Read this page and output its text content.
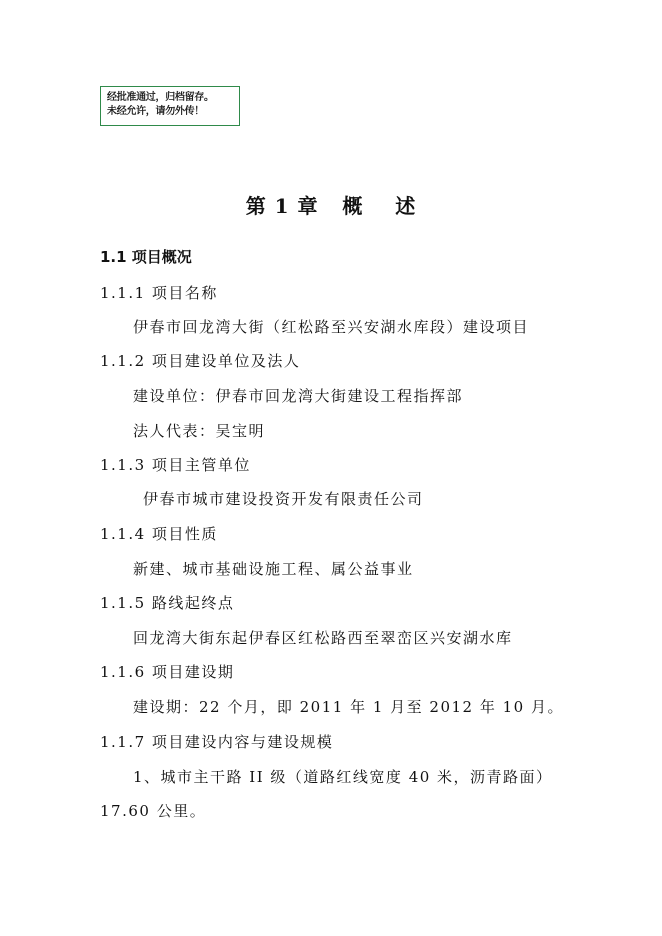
经批准通过，归档留存。
未经允许，请勿外传！
第 1 章   概    述
1.1 项目概况
1.1.1 项目名称
伊春市回龙湾大街（红松路至兴安湖水库段）建设项目
1.1.2 项目建设单位及法人
建设单位：伊春市回龙湾大街建设工程指挥部
法人代表：吴宝明
1.1.3 项目主管单位
伊春市城市建设投资开发有限责任公司
1.1.4 项目性质
新建、城市基础设施工程、属公益事业
1.1.5 路线起终点
回龙湾大街东起伊春区红松路西至翠峦区兴安湖水库
1.1.6 项目建设期
建设期：22 个月，即 2011 年 1 月至 2012 年 10 月。
1.1.7 项目建设内容与建设规模
1、城市主干路 II 级（道路红线宽度 40 米，沥青路面）
17.60 公里。
